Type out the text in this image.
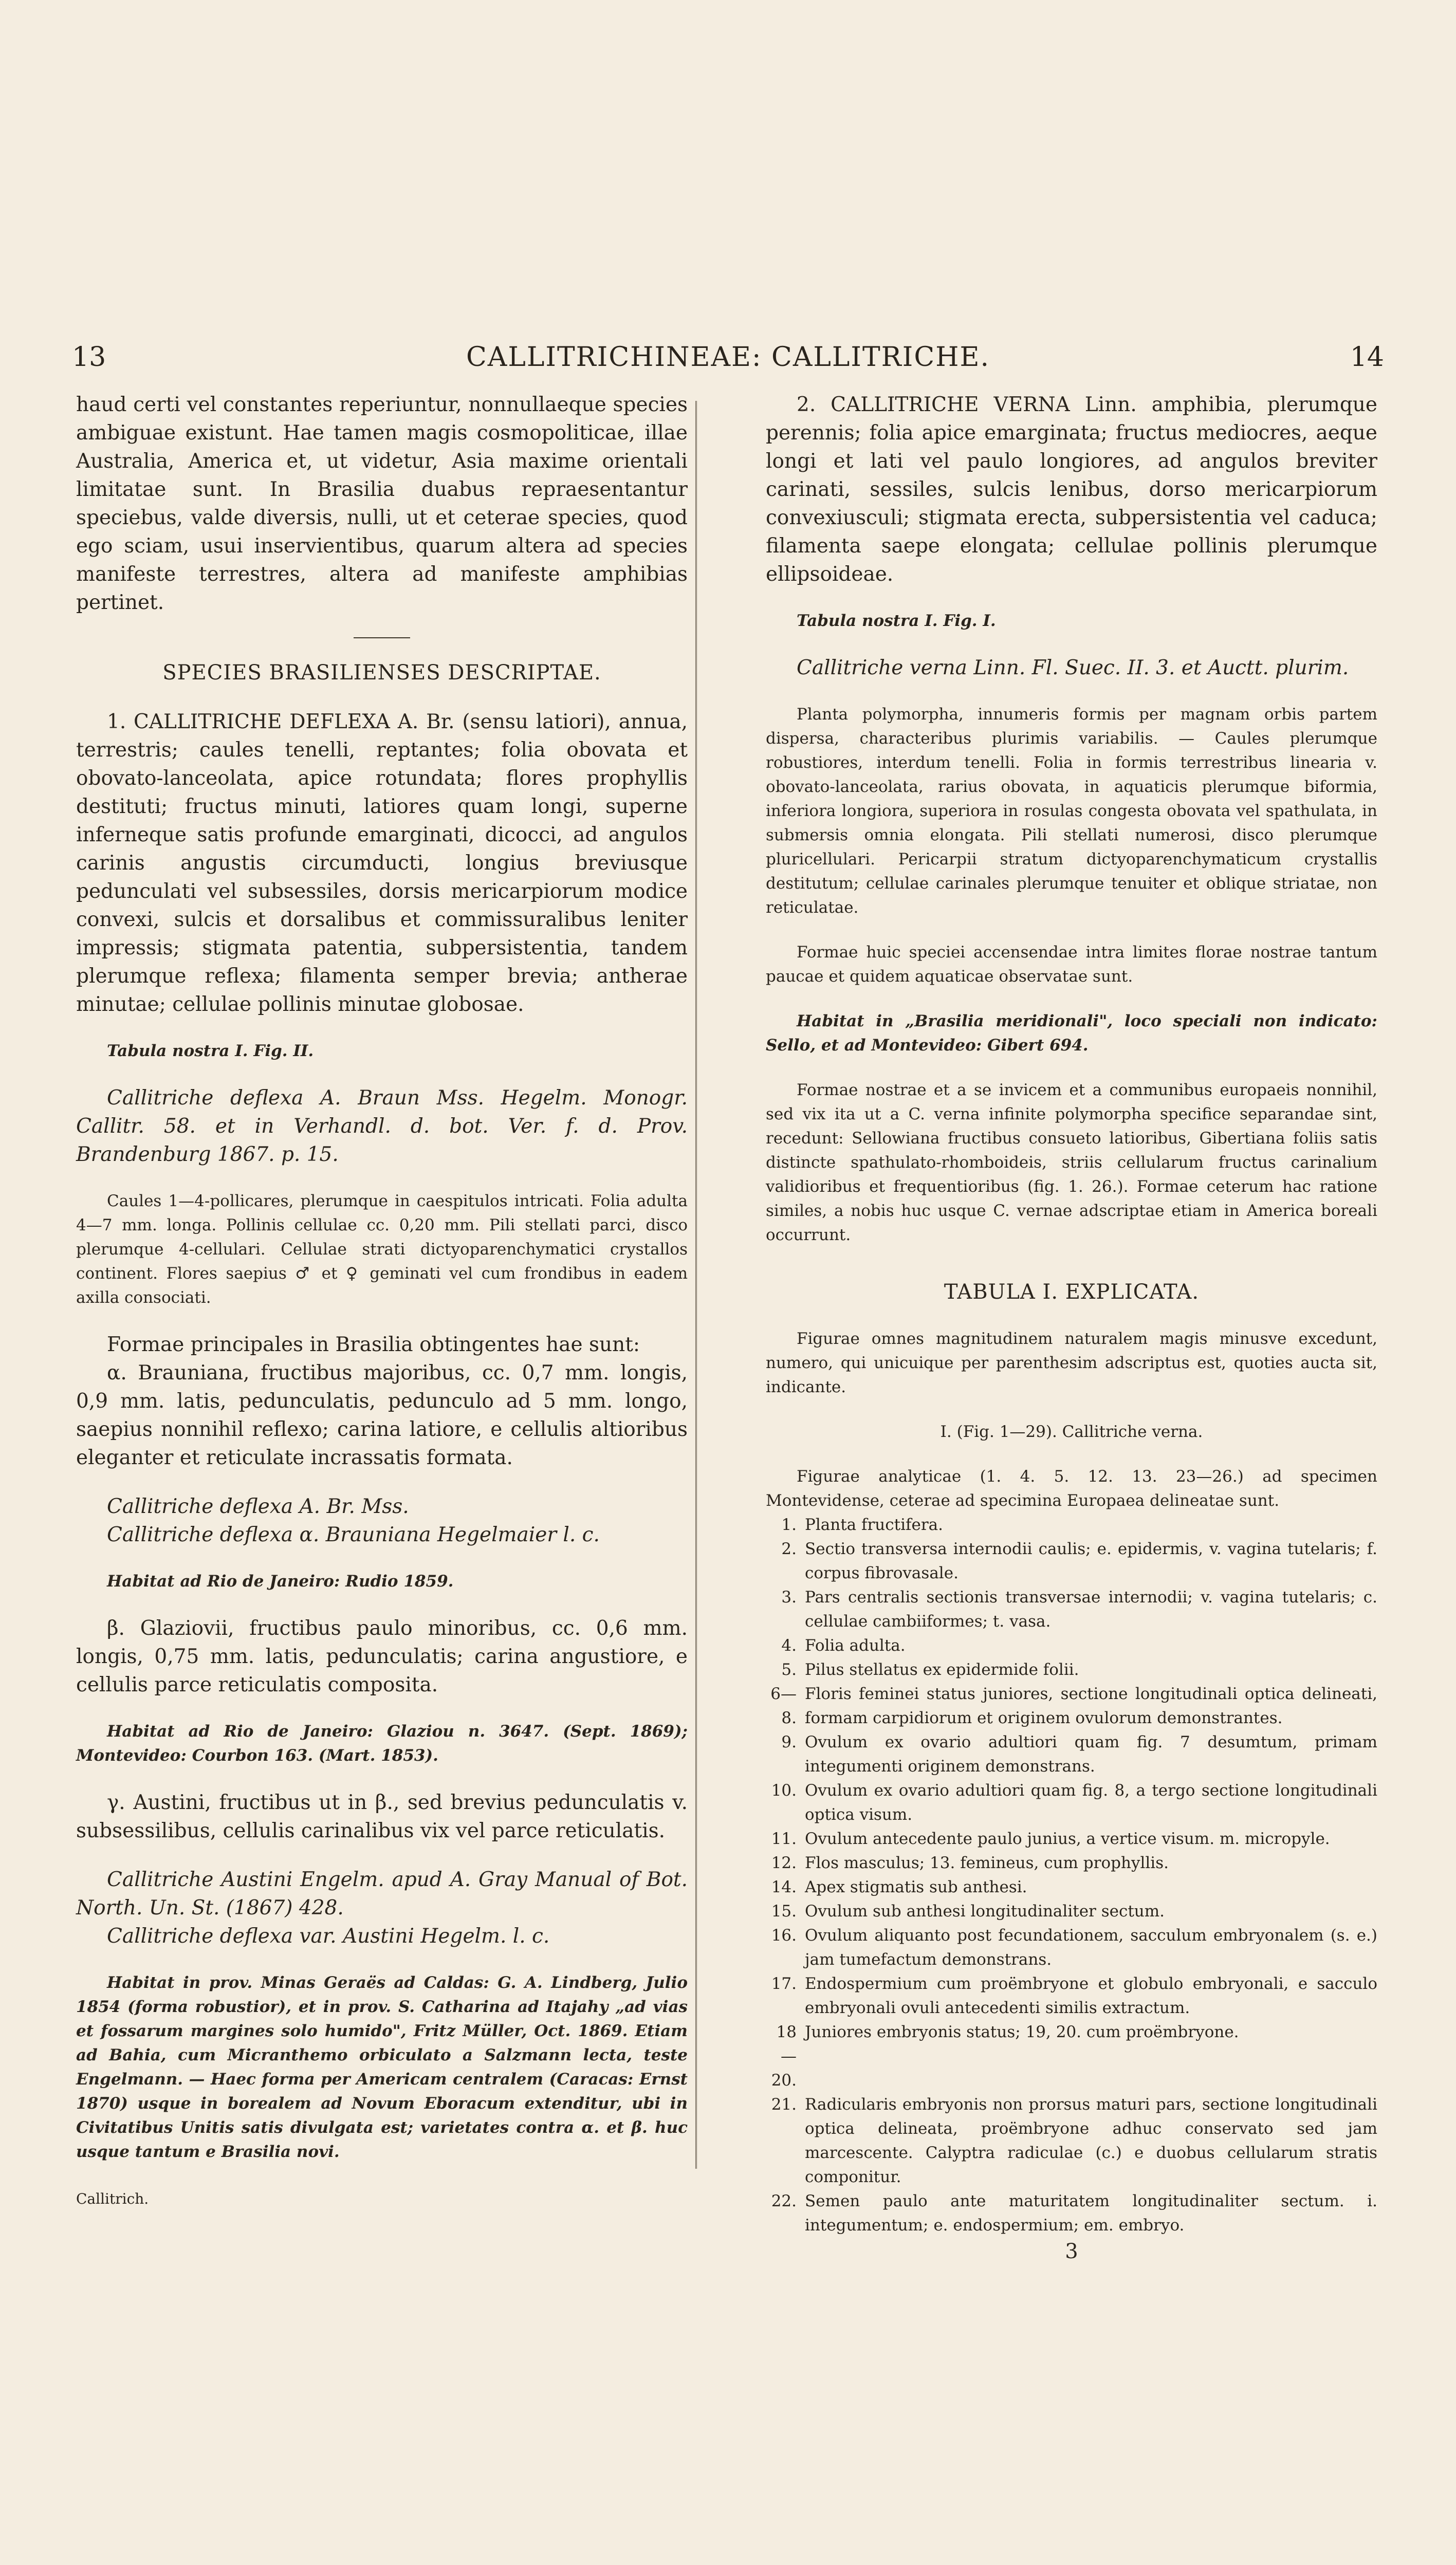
13	CALLITRICHINEAE: CALLITRICHE.	14

haud certi vel constantes reperiuntur, nonnullaeque species ambiguae existunt. Hae tamen magis cosmopoliticae, illae Australia, America et, ut videtur, Asia maxime orientali limitatae sunt. In Brasilia duabus repraesentantur speciebus, valde diversis, nulli, ut et ceterae species, quod ego sciam, usui inservientibus, quarum altera ad species manifeste terrestres, altera ad manifeste amphibias pertinet.

SPECIES BRASILIENSES DESCRIPTAE.

1. CALLITRICHE DEFLEXA A. Br. (sensu latiori), annua, terrestris; caules tenelli, reptantes; folia obovata et obovato-lanceolata, apice rotundata; flores prophyllis destituti; fructus minuti, latiores quam longi, superne inferneque satis profunde emarginati, dicocci, ad angulos carinis angustis circumducti, longius breviusque pedunculati vel subsessiles, dorsis mericarpiorum modice convexi, sulcis et dorsalibus et commissuralibus leniter impressis; stigmata patentia, subpersistentia, tandem plerumque reflexa; filamenta semper brevia; antherae minutae; cellulae pollinis minutae globosae.

Tabula nostra I. Fig. II.

Callitriche deflexa A. Braun Mss. Hegelm. Monogr. Callitr. 58. et in Verhandl. d. bot. Ver. f. d. Prov. Brandenburg 1867. p. 15.

Caules 1—4-pollicares, plerumque in caespitulos intricati. Folia adulta 4—7 mm. longa. Pollinis cellulae cc. 0,20 mm. Pili stellati parci, disco plerumque 4-cellulari. Cellulae strati dictyoparenchymatici crystallos continent. Flores saepius ♂ et ♀ geminati vel cum frondibus in eadem axilla consociati.

Formae principales in Brasilia obtingentes hae sunt:

α. Brauniana, fructibus majoribus, cc. 0,7 mm. longis, 0,9 mm. latis, pedunculatis, pedunculo ad 5 mm. longo, saepius nonnihil reflexo; carina latiore, e cellulis altioribus eleganter et reticulate incrassatis formata.

Callitriche deflexa A. Br. Mss.

Callitriche deflexa α. Brauniana Hegelmaier l. c.

Habitat ad Rio de Janeiro: Rudio 1859.

β. Glaziovii, fructibus paulo minoribus, cc. 0,6 mm. longis, 0,75 mm. latis, pedunculatis; carina angustiore, e cellulis parce reticulatis composita.

Habitat ad Rio de Janeiro: Glaziou n. 3647. (Sept. 1869); Montevideo: Courbon 163. (Mart. 1853).

γ. Austini, fructibus ut in β., sed brevius pedunculatis v. subsessilibus, cellulis carinalibus vix vel parce reticulatis.

Callitriche Austini Engelm. apud A. Gray Manual of Bot. North. Un. St. (1867) 428.

Callitriche deflexa var. Austini Hegelm. l. c.

Habitat in prov. Minas Geraës ad Caldas: G. A. Lindberg, Julio 1854 (forma robustior), et in prov. S. Catharina ad Itajahy „ad vias et fossarum margines solo humido", Fritz Müller, Oct. 1869. Etiam ad Bahia, cum Micranthemo orbiculato a Salzmann lecta, teste Engelmann. — Haec forma per Americam centralem (Caracas: Ernst 1870) usque in borealem ad Novum Eboracum extenditur, ubi in Civitatibus Unitis satis divulgata est; varietates contra α. et β. huc usque tantum e Brasilia novi.

Callitrich.

2. CALLITRICHE VERNA Linn. amphibia, plerumque perennis; folia apice emarginata; fructus mediocres, aeque longi et lati vel paulo longiores, ad angulos breviter carinati, sessiles, sulcis lenibus, dorso mericarpiorum convexiusculi; stigmata erecta, subpersistentia vel caduca; filamenta saepe elongata; cellulae pollinis plerumque ellipsoideae.

Tabula nostra I. Fig. I.

Callitriche verna Linn. Fl. Suec. II. 3. et Auctt. plurim.

Planta polymorpha, innumeris formis per magnam orbis partem dispersa, characteribus plurimis variabilis. — Caules plerumque robustiores, interdum tenelli. Folia in formis terrestribus linearia v. obovato-lanceolata, rarius obovata, in aquaticis plerumque biformia, inferiora longiora, superiora in rosulas congesta obovata vel spathulata, in submersis omnia elongata. Pili stellati numerosi, disco plerumque pluricellulari. Pericarpii stratum dictyoparenchymaticum crystallis destitutum; cellulae carinales plerumque tenuiter et oblique striatae, non reticulatae.

Formae huic speciei accensendae intra limites florae nostrae tantum paucae et quidem aquaticae observatae sunt.

Habitat in „Brasilia meridionali", loco speciali non indicato: Sello, et ad Montevideo: Gibert 694.

Formae nostrae et a se invicem et a communibus europaeis nonnihil, sed vix ita ut a C. verna infinite polymorpha specifice separandae sint, recedunt: Sellowiana fructibus consueto latioribus, Gibertiana foliis satis distincte spathulato-rhomboideis, striis cellularum fructus carinalium validioribus et frequentioribus (fig. 1. 26.). Formae ceterum hac ratione similes, a nobis huc usque C. vernae adscriptae etiam in America boreali occurrunt.

TABULA I. EXPLICATA.

Figurae omnes magnitudinem naturalem magis minusve excedunt, numero, qui unicuique per parenthesim adscriptus est, quoties aucta sit, indicante.

I. (Fig. 1—29). Callitriche verna.

Figurae analyticae (1. 4. 5. 12. 13. 23—26.) ad specimen Montevidense, ceterae ad specimina Europaea delineatae sunt.

1. Planta fructifera.
2. Sectio transversa internodii caulis; e. epidermis, v. vagina tutelaris; f. corpus fibrovasale.
3. Pars centralis sectionis transversae internodii; v. vagina tutelaris; c. cellulae cambiiformes; t. vasa.
4. Folia adulta.
5. Pilus stellatus ex epidermide folii.
6—8.
Floris feminei status juniores, sectione longitudinali optica delineati, formam carpidiorum et originem ovulorum demonstrantes.
9. Ovulum ex ovario adultiori quam fig. 7 desumtum, primam integumenti originem demonstrans.
10. Ovulum ex ovario adultiori quam fig. 8, a tergo sectione longitudinali optica visum.
11. Ovulum antecedente paulo junius, a vertice visum. m. micropyle.
12. Flos masculus; 13. femineus, cum prophyllis.
14. Apex stigmatis sub anthesi.
15. Ovulum sub anthesi longitudinaliter sectum.
16. Ovulum aliquanto post fecundationem, sacculum embryonalem (s. e.) jam tumefactum demonstrans.
17. Endospermium cum proëmbryone et globulo embryonali, e sacculo embryonali ovuli antecedenti similis extractum.
18—20.
Juniores embryonis status; 19, 20. cum proëmbryone.
21. Radicularis embryonis non prorsus maturi pars, sectione longitudinali optica delineata, proëmbryone adhuc conservato sed jam marcescente. Calyptra radiculae (c.) e duobus cellularum stratis componitur.
22. Semen paulo ante maturitatem longitudinaliter sectum. i. integumentum; e. endospermium; em. embryo.

3
